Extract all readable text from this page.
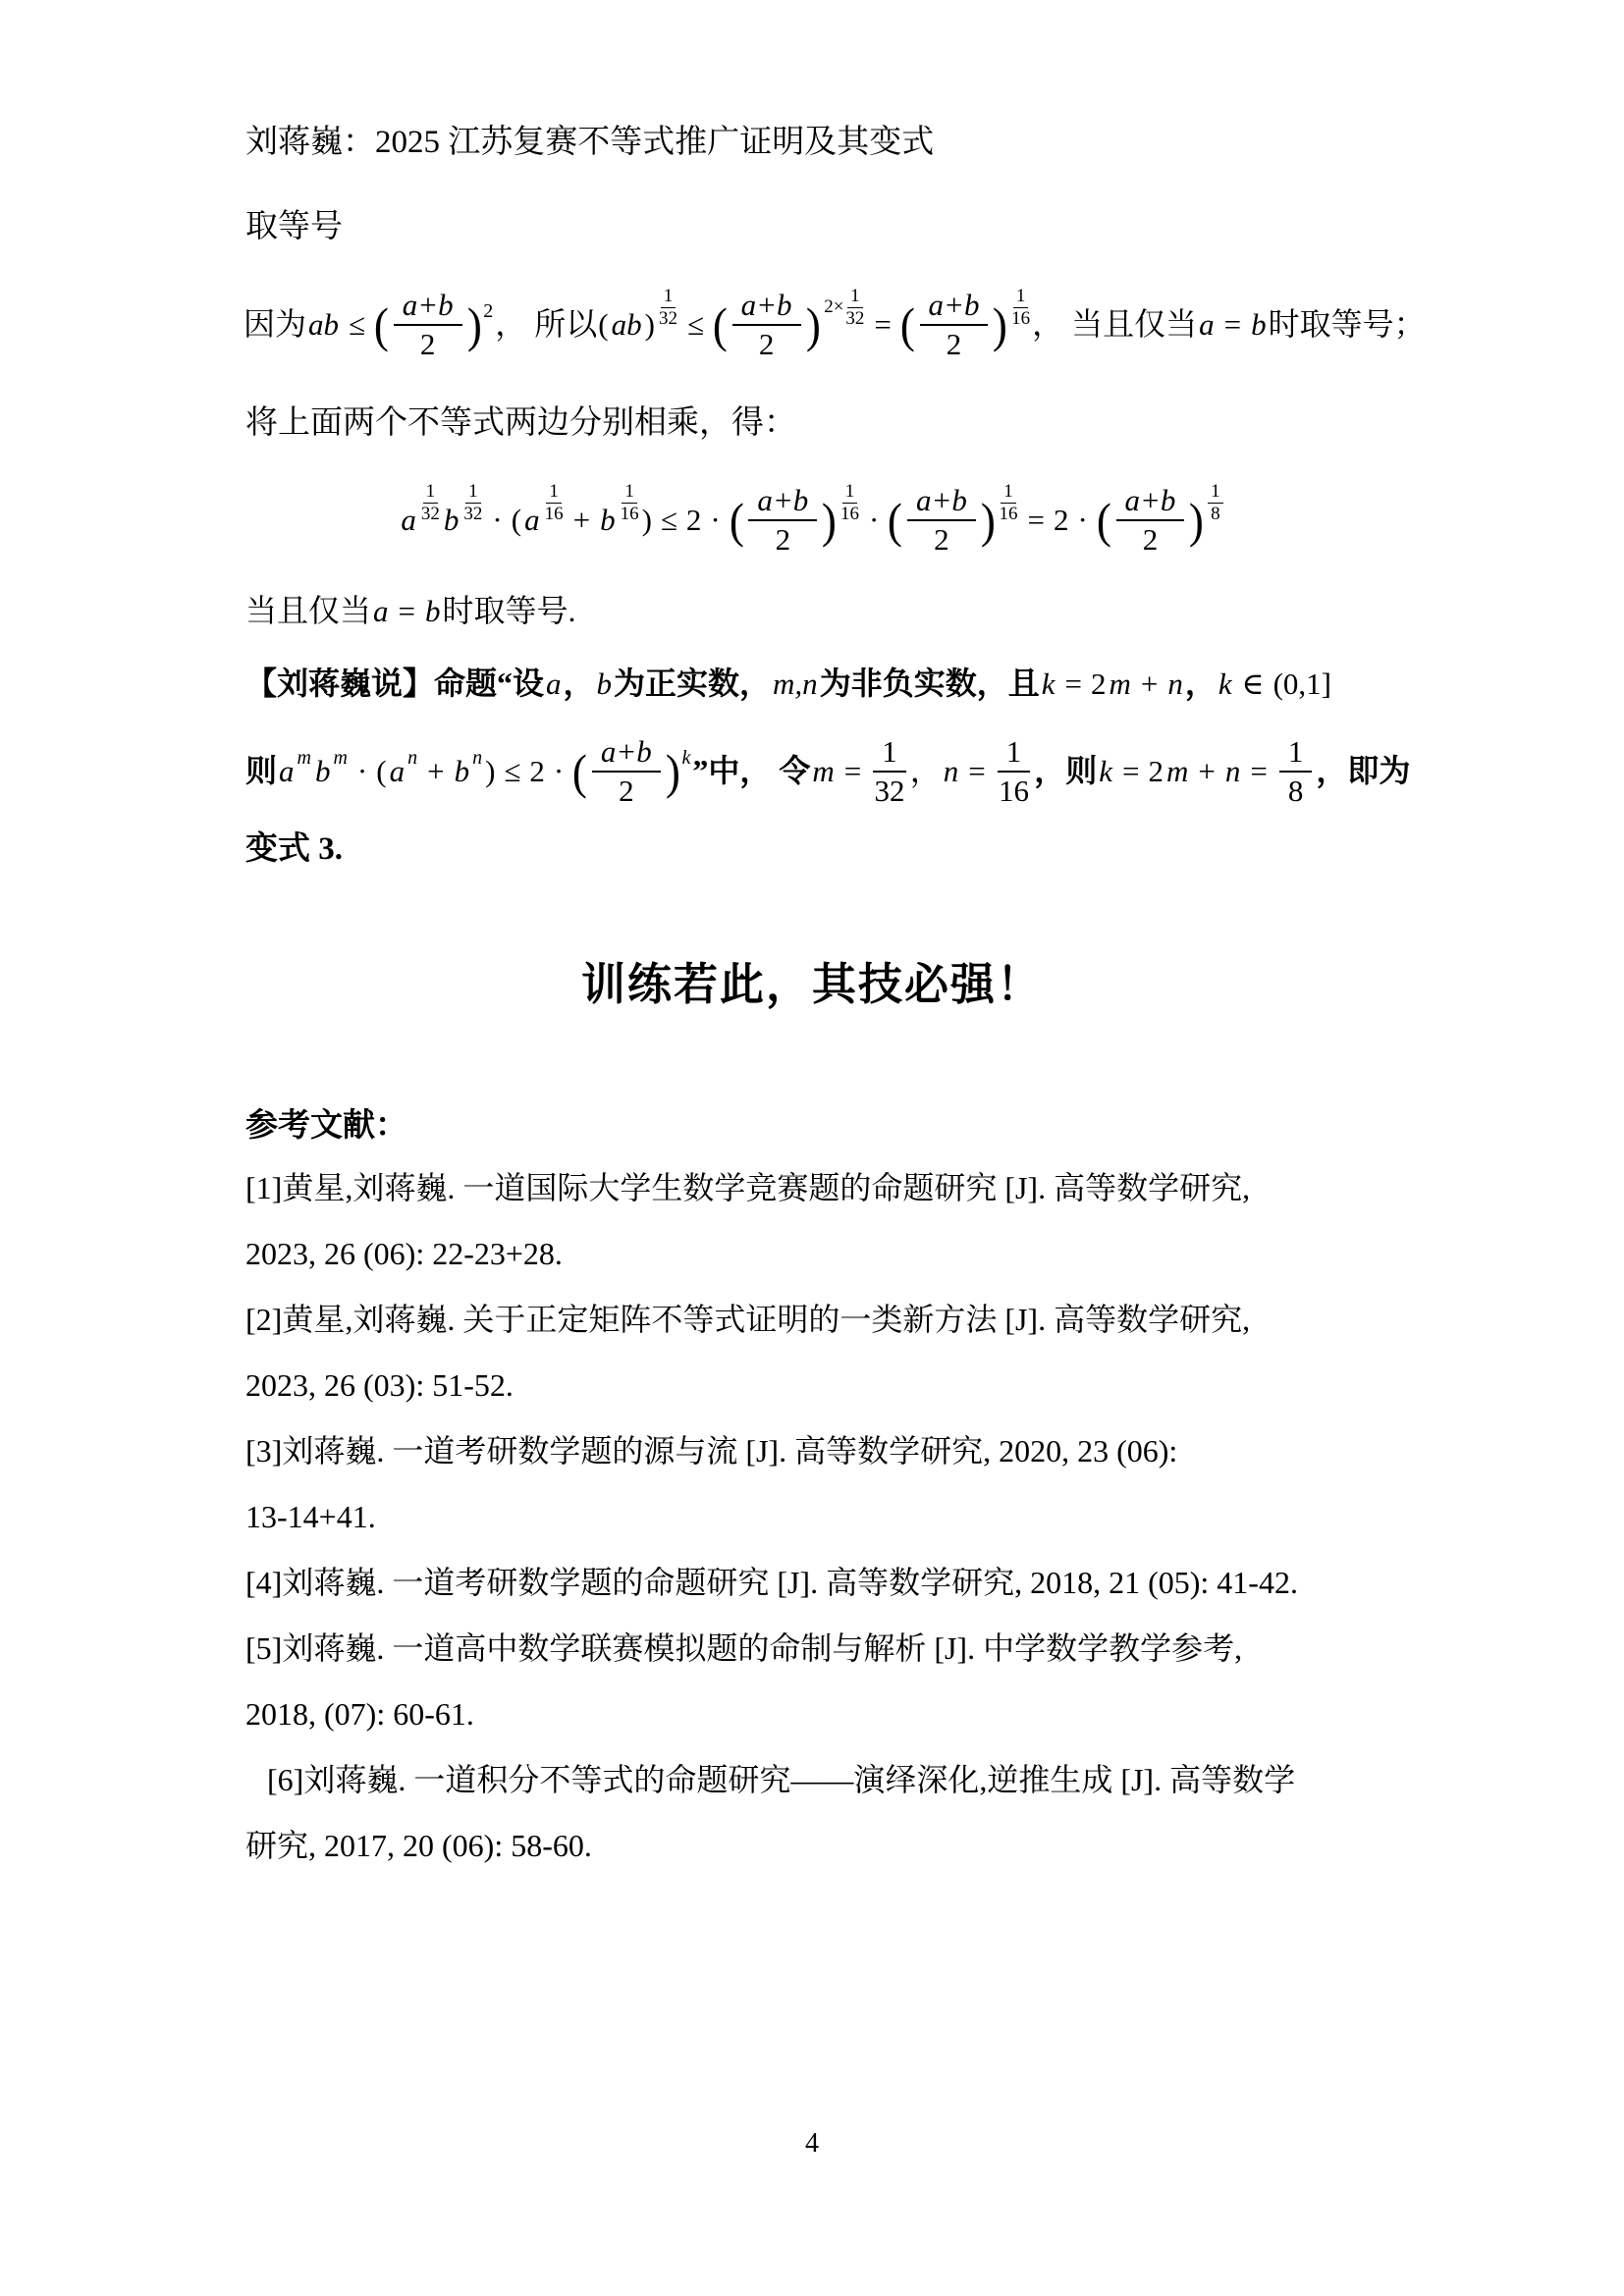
刘蒋巍：2025 江苏复赛不等式推广证明及其变式
取等号
因为 ab ≤ ( $\frac{a+b}{2}$ ) 2 ， 所以 ( ab )
1
32 ≤ ( $\frac{a+b}{2}$ ) $2\times \frac{1}{32}$ = ( $\frac{a+b}{2}$ )
1
16 ， 当且仅当 a = b 时取等号；
将上面两个不等式两边分别相乘，得：
a
1
32 b
1
32 · ( a
1
16 + b
1
16 ) ≤ 2 · ( $\frac{a+b}{2}$ )
1
16 · ( $\frac{a+b}{2}$ )
1
16 = 2 · ( $\frac{a+b}{2}$ )
1
8
当且仅当 a = b 时取等号.
【刘蒋巍说】命题“设 a ， b 为正实数， m,n 为非负实数，且 k = 2 m + n ， k ∈ (0,1]
则 a m b m · ( a n + b n ) ≤ 2 · ( $\frac{a+b}{2}$ ) k ”中， 令 $m = \frac{1}{32}$ ， $n = \frac{1}{16}$ ，则 k = 2 $m + n = \frac{1}{8}$ ，即为
变式 3.
训练若此，其技必强！
参考文献：
[1]黄星,刘蒋巍. 一道国际大学生数学竞赛题的命题研究 [J]. 高等数学研究,
2023, 26 (06): 22-23+28.
[2]黄星,刘蒋巍. 关于正定矩阵不等式证明的一类新方法 [J]. 高等数学研究,
2023, 26 (03): 51-52.
[3]刘蒋巍. 一道考研数学题的源与流 [J]. 高等数学研究, 2020, 23 (06):
13-14+41.
[4]刘蒋巍. 一道考研数学题的命题研究 [J]. 高等数学研究, 2018, 21 (05): 41-42.
[5]刘蒋巍. 一道高中数学联赛模拟题的命制与解析 [J]. 中学数学教学参考,
2018, (07): 60-61.
[6]刘蒋巍. 一道积分不等式的命题研究——演绎深化,逆推生成 [J]. 高等数学
研究, 2017, 20 (06): 58-60.
4
